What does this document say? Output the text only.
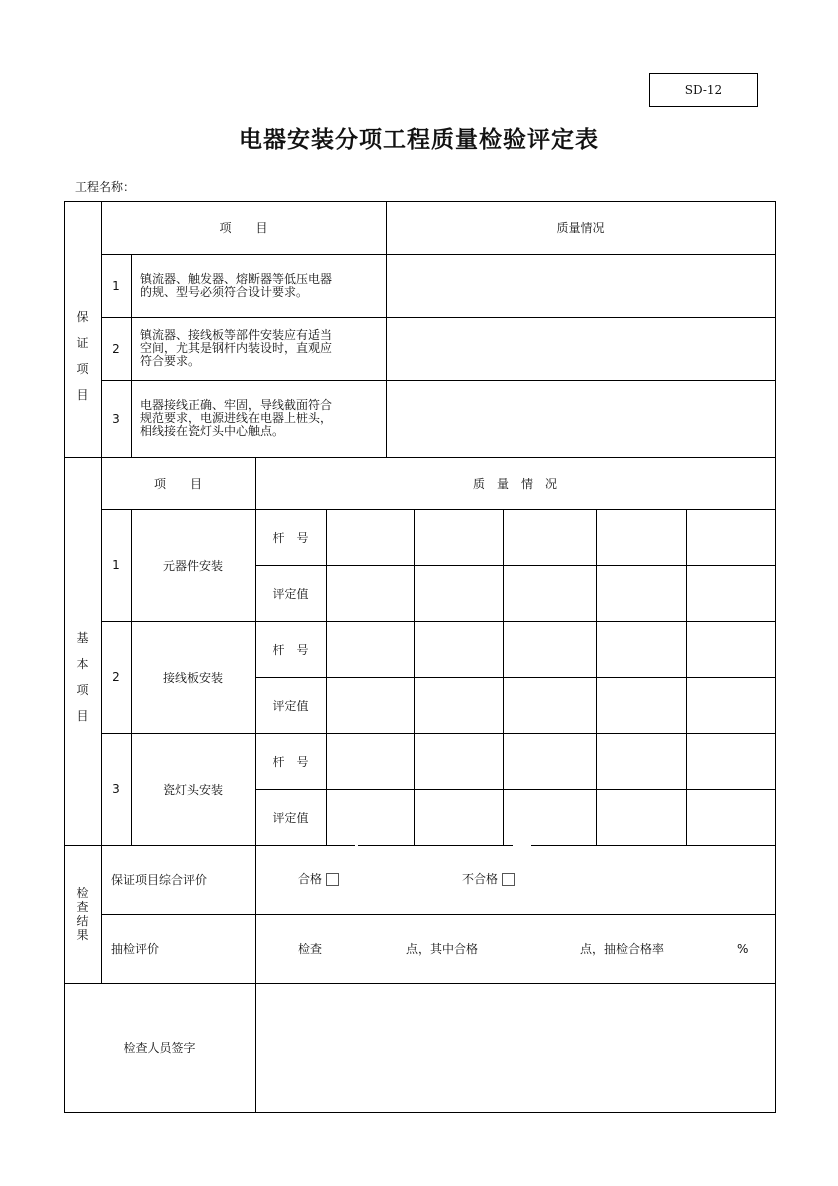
SD-12
电器安装分项工程质量检验评定表
工程名称：
保
证
项
目
项　　目	质量情况
1	镇流器、触发器、熔断器等低压电器
的规、型号必须符合设计要求。
2
镇流器、接线板等部件安装应有适当
空间，尤其是钢杆内装设时，直观应
符合要求。
3
电器接线正确、牢固，导线截面符合
规范要求，电源进线在电器上桩头，
相线接在瓷灯头中心触点。
基
本
项
目
项　　目	质　量　情　况
1	元器件安装
杆　号
评定值
2	接线板安装
杆　号
评定值
3	瓷灯头安装
杆　号
评定值
检
查
结
果
保证项目综合评价	合格	不合格
抽检评价	检查	点，其中合格	点，抽检合格率	%
检查人员签字
